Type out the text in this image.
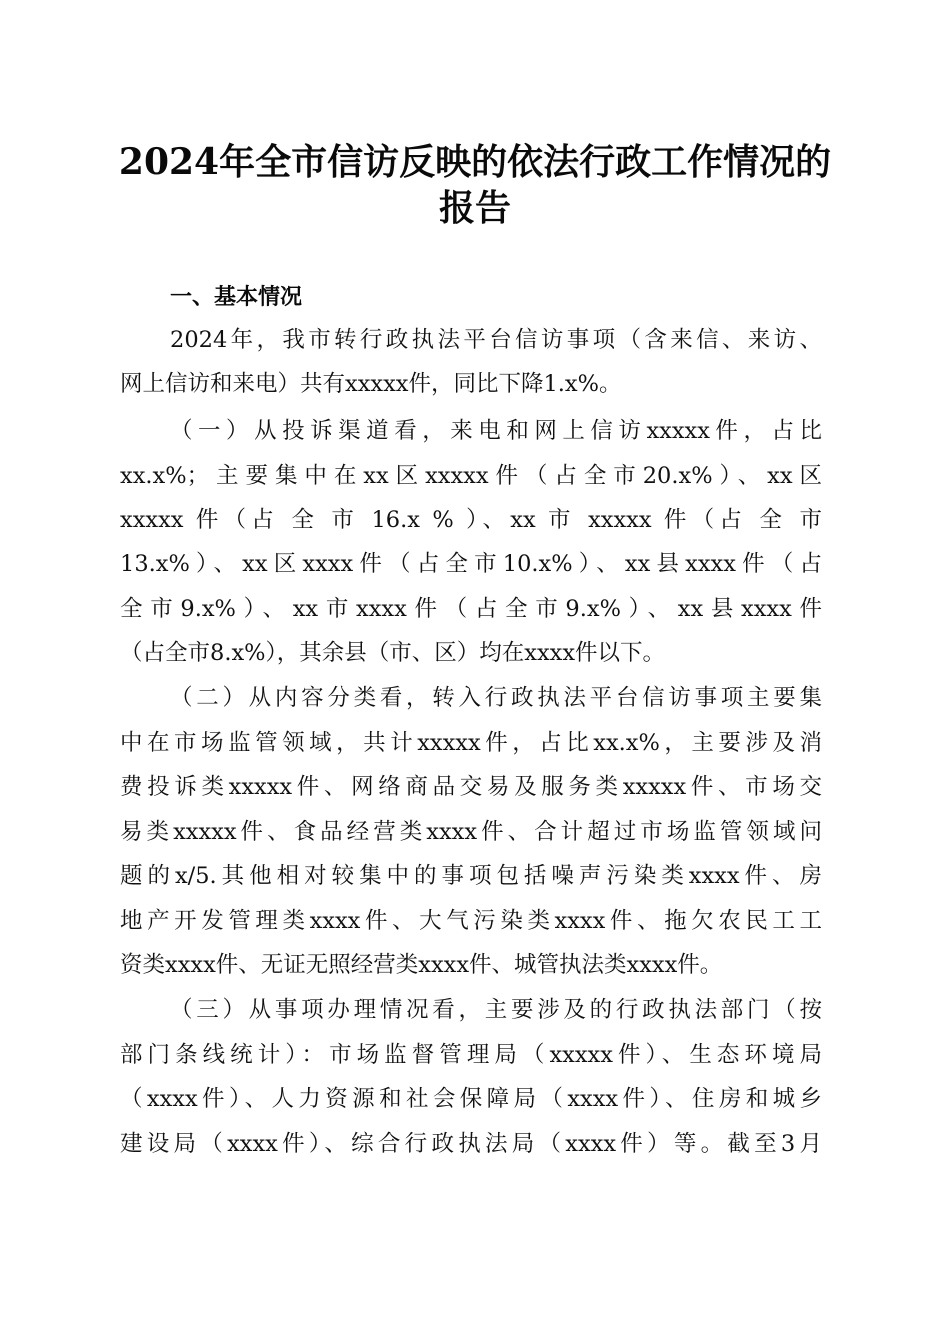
2024年全市信访反映的依法行政工作情况的
报告
一、基本情况
2024年，我市转行政执法平台信访事项（含来信、来访、
网上信访和来电）共有xxxxx件，同比下降1.x%。
（一）从投诉渠道看，来电和网上信访xxxxx件，占比
xx.x%；主要集中在xx区xxxxx件（占全市20.x%）、xx区
xxxxx 件（占 全 市 16.x % ）、xx 市 xxxxx 件（占 全 市
13.x%）、xx区xxxx件（占全市10.x%）、xx县xxxx件（占
全市9.x%）、xx市xxxx件（占全市9.x%）、xx县xxxx件
（占全市8.x%），其余县（市、区）均在xxxx件以下。
（二）从内容分类看，转入行政执法平台信访事项主要集
中在市场监管领域，共计xxxxx件，占比xx.x%，主要涉及消
费投诉类xxxxx件、网络商品交易及服务类xxxxx件、市场交
易类xxxxx件、食品经营类xxxx件、合计超过市场监管领域问
题的x/5.其他相对较集中的事项包括噪声污染类xxxx件、房
地产开发管理类xxxx件、大气污染类xxxx件、拖欠农民工工
资类xxxx件、无证无照经营类xxxx件、城管执法类xxxx件。
（三）从事项办理情况看，主要涉及的行政执法部门（按
部门条线统计）：市场监督管理局（xxxxx件）、生态环境局
（xxxx件）、人力资源和社会保障局（xxxx件）、住房和城乡
建设局（xxxx件）、综合行政执法局（xxxx件）等。截至3月
